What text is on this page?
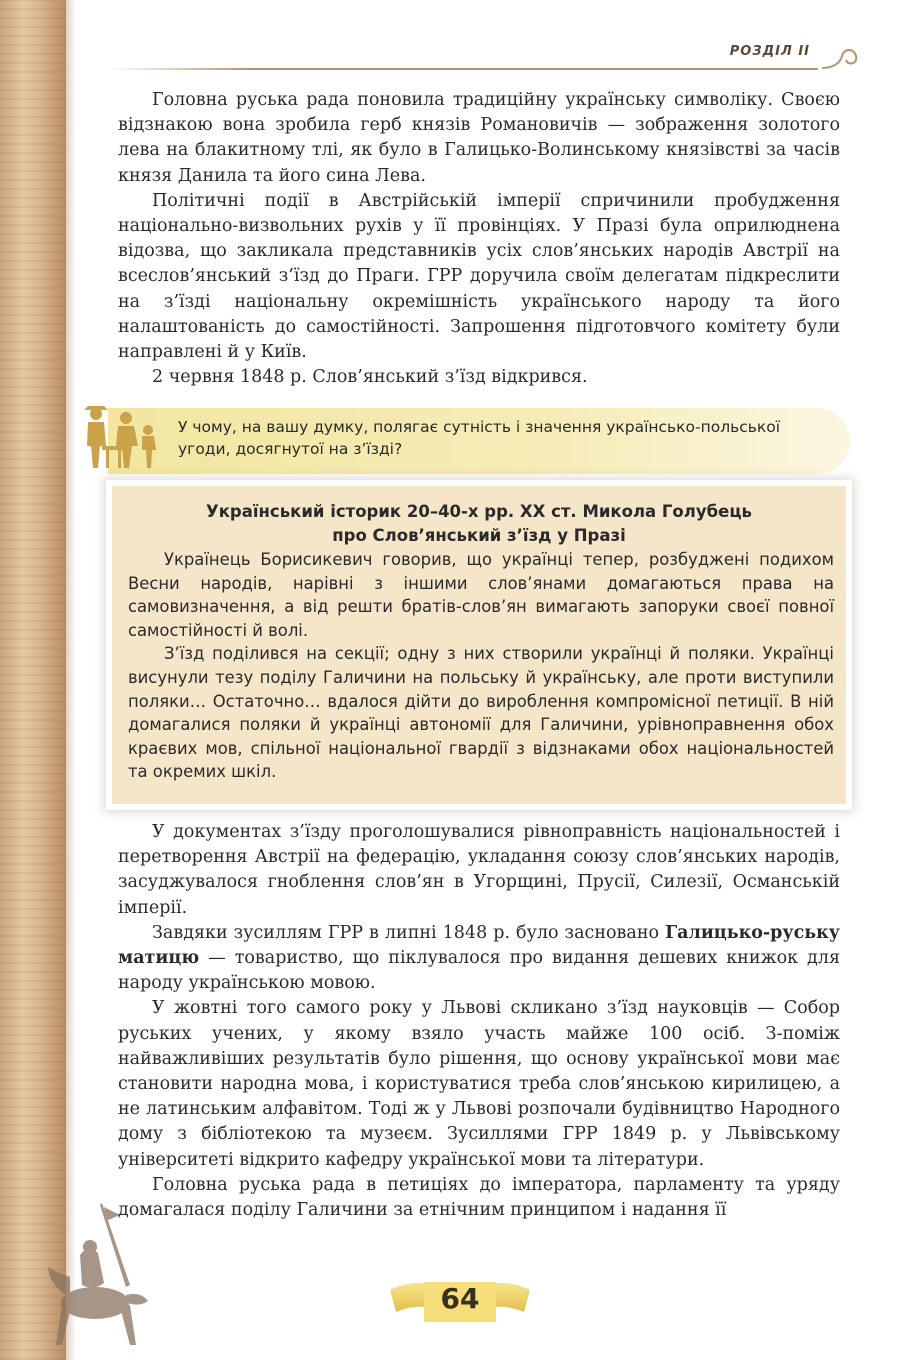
РОЗДІЛ ІІ

Головна руська рада поновила традиційну українську символіку. Своєю відзнакою вона зробила герб князів Романовичів — зображення золотого лева на блакитному тлі, як було в Галицько-Волинському князівстві за часів князя Данила та його сина Лева.

Політичні події в Австрійській імперії спричинили пробудження національно-визвольних рухів у її провінціях. У Празі була оприлюднена відозва, що закликала представників усіх слов’янських народів Австрії на всеслов’янський з’їзд до Праги. ГРР доручила своїм делегатам підкреслити на з’їзді національну окремішність українського народу та його налаштованість до самостійності. Запрошення підготовчого комітету були направлені й у Київ.

2 червня 1848 р. Слов’янський з’їзд відкрився.

У чому, на вашу думку, полягає сутність і значення українсько-польської
угоди, досягнутої на з’їзді?
Український історик 20–40-х рр. ХХ ст. Микола Голубець
про Слов’янський з’їзд у Празі

Українець Борисикевич говорив, що українці тепер, розбуджені подихом Весни народів, нарівні з іншими слов’янами домагаються права на самовизначення, а від решти братів-слов’ян вимагають запоруки своєї повної самостійності й волі.

З’їзд поділився на секції; одну з них створили українці й поляки. Українці висунули тезу поділу Галичини на польську й українську, але проти виступили поляки… Остаточно… вдалося дійти до вироблення компромісної петиції. В ній домагалися поляки й українці автономії для Галичини, урівноправнення обох краєвих мов, спільної національної гвардії з відзнаками обох національностей та окремих шкіл.

У документах з’їзду проголошувалися рівноправність національностей і перетворення Австрії на федерацію, укладання союзу слов’янських народів, засуджувалося гноблення слов’ян в Угорщині, Прусії, Силезії, Османській імперії.

Завдяки зусиллям ГРР в липні 1848 р. було засновано Галицько-руську матицю — товариство, що піклувалося про видання дешевих книжок для народу українською мовою.

У жовтні того самого року у Львові скликано з’їзд науковців — Собор руських учених, у якому взяло участь майже 100 осіб. З-поміж найважливіших результатів було рішення, що основу української мови має становити народна мова, і користуватися треба слов’янською кирилицею, а не латинським алфавітом. Тоді ж у Львові розпочали будівництво Народного дому з бібліотекою та музеєм. Зусиллями ГРР 1849 р. у Львівському університеті відкрито кафедру української мови та літератури.

Головна руська рада в петиціях до імператора, парламенту та уряду домагалася поділу Галичини за етнічним принципом і надання її

64
